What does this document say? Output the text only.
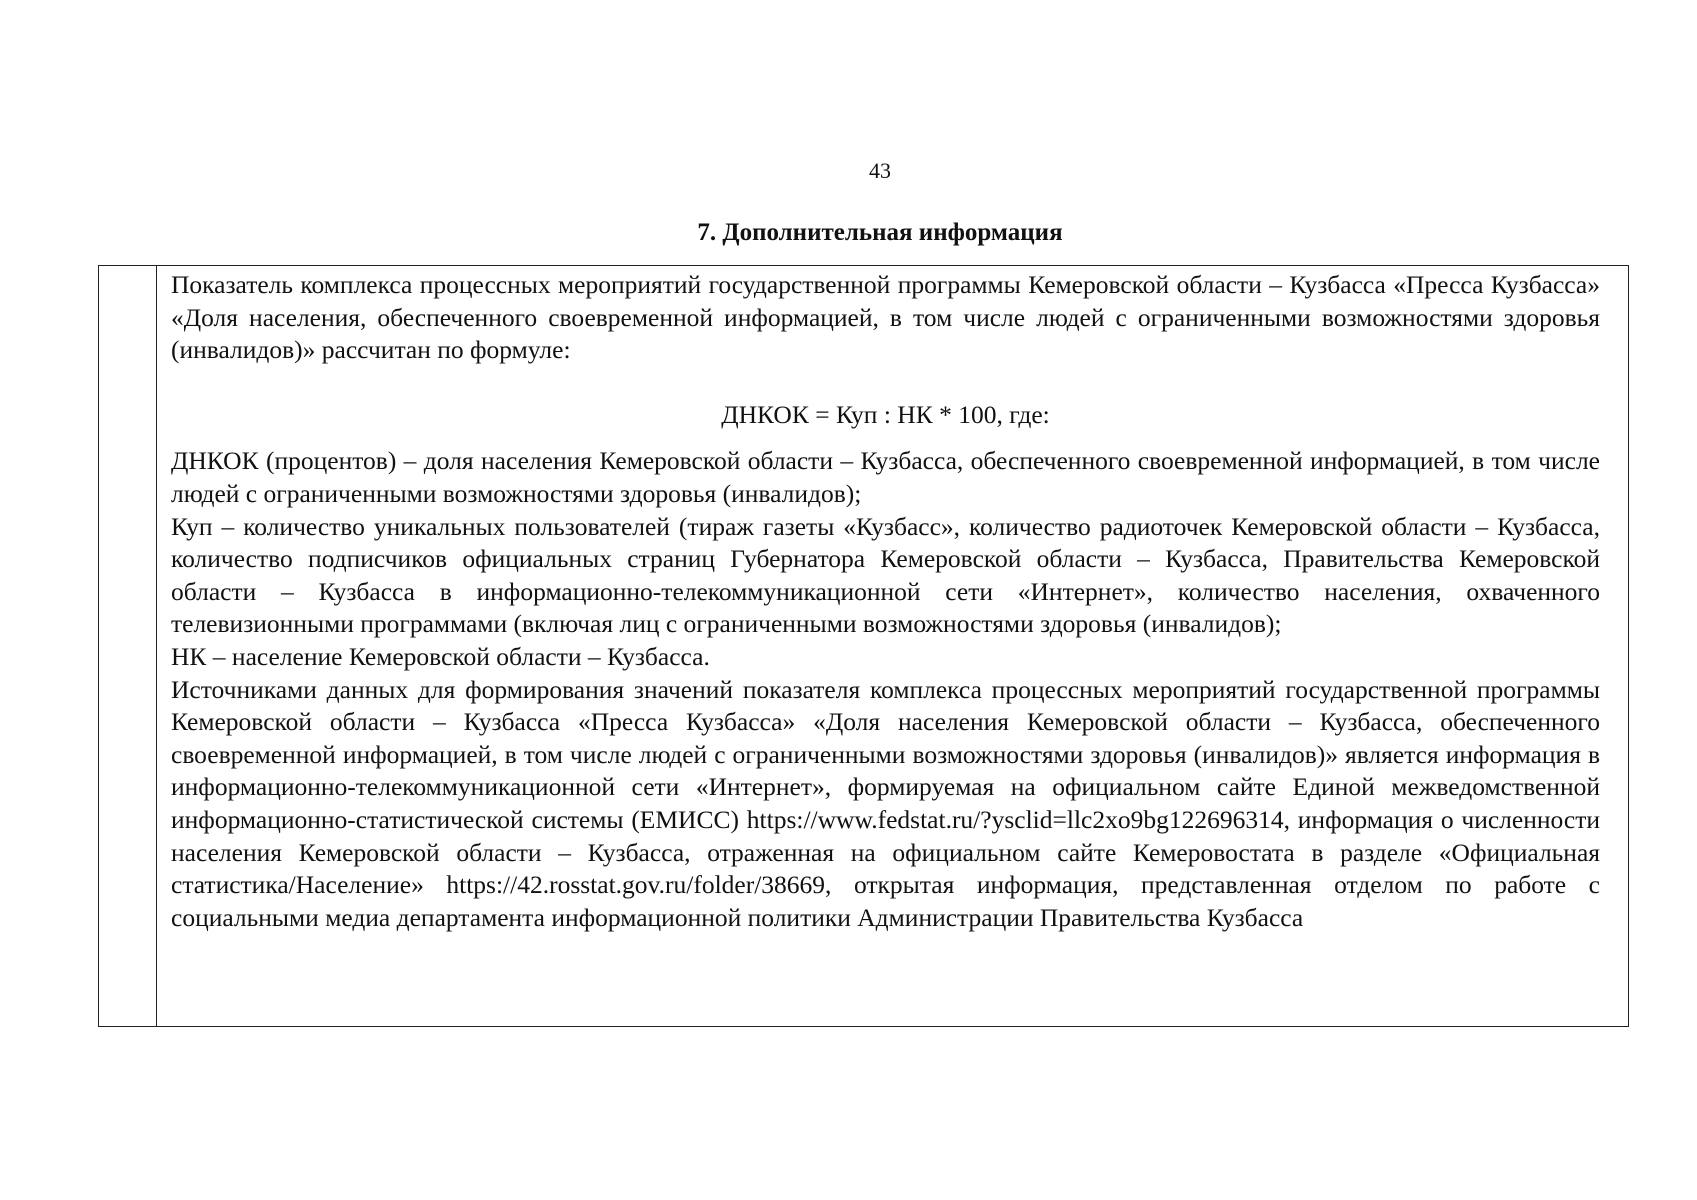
43
7. Дополнительная информация

Показатель комплекса процессных мероприятий государственной программы Кемеровской области – Кузбасса «Пресса Кузбасса» «Доля населения, обеспеченного своевременной информацией, в том числе людей с ограниченными возможностями здоровья (инвалидов)» рассчитан по формуле:

ДНКОК = Куп : НК * 100, где:

ДНКОК (процентов) – доля населения Кемеровской области – Кузбасса, обеспеченного своевременной информацией, в том числе людей с ограниченными возможностями здоровья (инвалидов);

Куп – количество уникальных пользователей (тираж газеты «Кузбасс», количество радиоточек Кемеровской области – Кузбасса, количество подписчиков официальных страниц Губернатора Кемеровской области – Кузбасса, Правительства Кемеровской области – Кузбасса в информационно-телекоммуникационной сети «Интернет», количество населения, охваченного телевизионными программами (включая лиц с ограниченными возможностями здоровья (инвалидов);

НК – население Кемеровской области – Кузбасса.

Источниками данных для формирования значений показателя комплекса процессных мероприятий государственной программы Кемеровской области – Кузбасса «Пресса Кузбасса» «Доля населения Кемеровской области – Кузбасса, обеспеченного своевременной информацией, в том числе людей с ограниченными возможностями здоровья (инвалидов)» является информация в информационно-телекоммуникационной сети «Интернет», формируемая на официальном сайте Единой межведомственной информационно-статистической системы (ЕМИСС) https://www.fedstat.ru/?ysclid=llc2xo9bg122696314, информация о численности населения Кемеровской области – Кузбасса, отраженная на официальном сайте Кемеровостата в разделе «Официальная статистика/Население» https://42.rosstat.gov.ru/folder/38669, открытая информация, представленная отделом по работе с социальными медиа департамента информационной политики Администрации Правительства Кузбасса
